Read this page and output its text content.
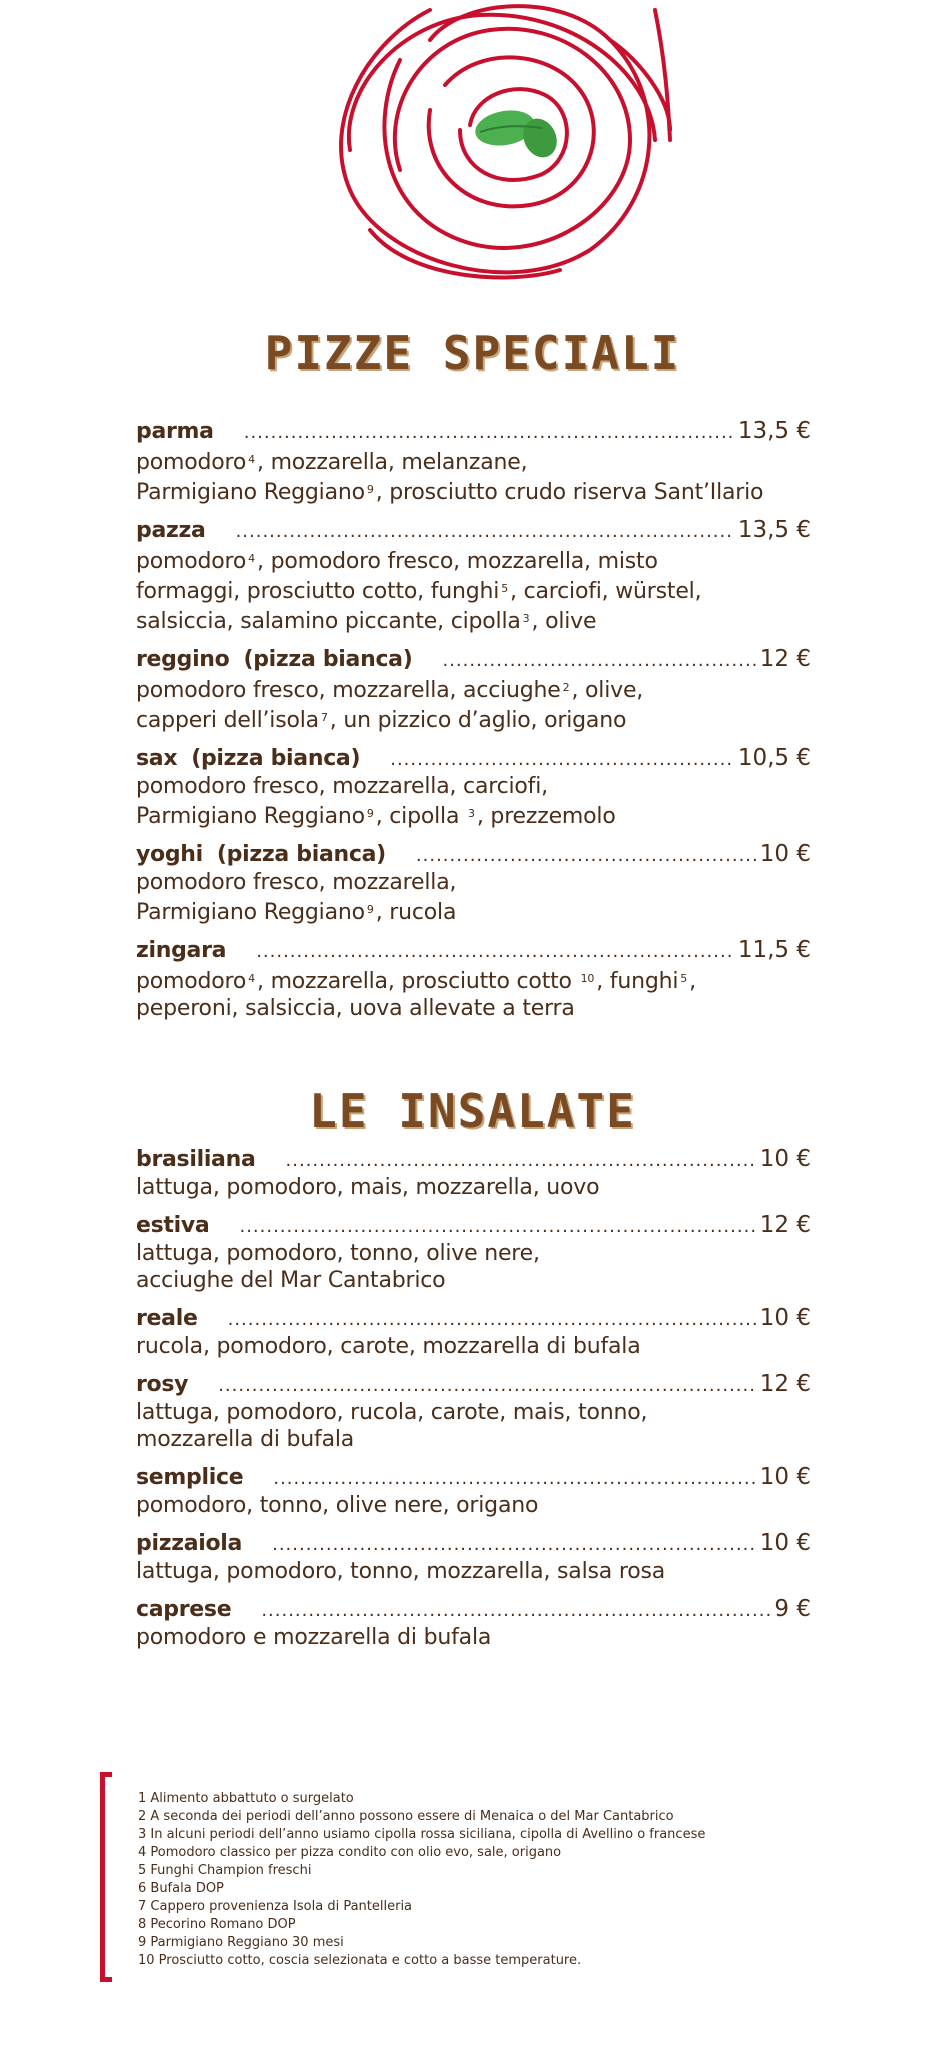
PIZZE SPECIALI
parma .....	13,5 €
pomodoro $^4$, mozzarella, melanzane,
Parmigiano Reggiano $^9$, prosciutto crudo riserva Sant’Ilario
pazza .....	13,5 €
pomodoro $^4$, pomodoro fresco, mozzarella, misto
formaggi, prosciutto cotto, funghi $^5$, carciofi, würstel,
salsiccia, salamino piccante, cipolla $^3$, olive
reggino (pizza bianca) .....	12 €
pomodoro fresco, mozzarella, acciughe $^2$, olive,
capperi dell’isola $^7$, un pizzico d’aglio, origano
sax (pizza bianca) .....	10,5 €
pomodoro fresco, mozzarella, carciofi,
Parmigiano Reggiano $^9$, cipolla $^3$, prezzemolo
yoghi (pizza bianca) .....	10 €
pomodoro fresco, mozzarella,
Parmigiano Reggiano $^9$, rucola
zingara .....	11,5 €
pomodoro $^4$, mozzarella, prosciutto cotto $^{10}$, funghi $^5$,
peperoni, salsiccia, uova allevate a terra
LE INSALATE
brasiliana .....	10 €
lattuga, pomodoro, mais, mozzarella, uovo
estiva .....	12 €
lattuga, pomodoro, tonno, olive nere,
acciughe del Mar Cantabrico
reale .....	10 €
rucola, pomodoro, carote, mozzarella di bufala
rosy .....	12 €
lattuga, pomodoro, rucola, carote, mais, tonno,
mozzarella di bufala
semplice .....	10 €
pomodoro, tonno, olive nere, origano
pizzaiola .....	10 €
lattuga, pomodoro, tonno, mozzarella, salsa rosa
caprese .....	9 €
pomodoro e mozzarella di bufala
1 Alimento abbattuto o surgelato
2 A seconda dei periodi dell’anno possono essere di Menaica o del Mar Cantabrico
3 In alcuni periodi dell’anno usiamo cipolla rossa siciliana, cipolla di Avellino o francese
4 Pomodoro classico per pizza condito con olio evo, sale, origano
5 Funghi Champion freschi
6 Bufala DOP
7 Cappero provenienza Isola di Pantelleria
8 Pecorino Romano DOP
9 Parmigiano Reggiano 30 mesi
10 Prosciutto cotto, coscia selezionata e cotto a basse temperature.
